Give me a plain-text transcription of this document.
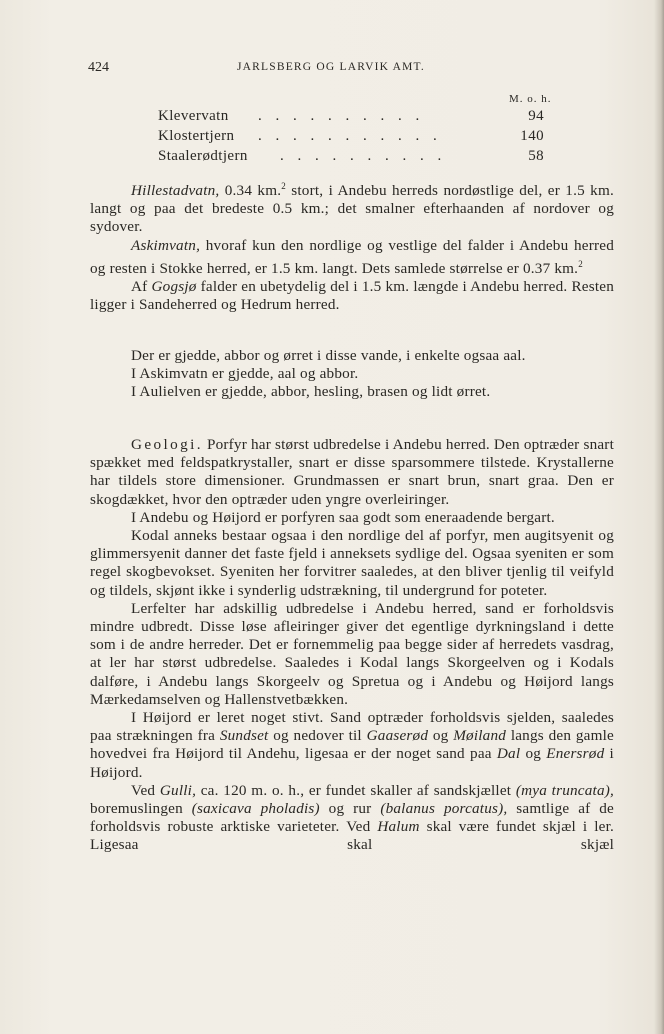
424	JARLSBERG OG LARVIK AMT.
M. o. h.
Klevervatn . . . . . . . . . .	94
Klostertjern . . . . . . . . . . .	140
Staalerødtjern . . . . . . . . . .	58

Hillestadvatn, 0.34 km.$^2$ stort, i Andebu herreds nordøstlige del, er 1.5 km. langt og paa det bredeste 0.5 km.; det smalner efterhaanden af nordover og sydover.

Askimvatn, hvoraf kun den nordlige og vestlige del falder i Andebu herred og resten i Stokke herred, er 1.5 km. langt. Dets samlede størrelse er 0.37 km.$^2$

Af Gogsjø falder en ubetydelig del i 1.5 km. længde i Andebu herred. Resten ligger i Sandeherred og Hedrum herred.

Der er gjedde, abbor og ørret i disse vande, i enkelte ogsaa aal.

I Askimvatn er gjedde, aal og abbor.

I Aulielven er gjedde, abbor, hesling, brasen og lidt ørret.

Geologi. Porfyr har størst udbredelse i Andebu herred. Den optræder snart spækket med feldspatkrystaller, snart er disse sparsommere tilstede. Krystallerne har tildels store dimensioner. Grundmassen er snart brun, snart graa. Den er skogdækket, hvor den optræder uden yngre overleiringer.

I Andebu og Høijord er porfyren saa godt som eneraadende bergart.

Kodal anneks bestaar ogsaa i den nordlige del af porfyr, men augitsyenit og glimmersyenit danner det faste fjeld i anneksets sydlige del. Ogsaa syeniten er som regel skogbevokset. Syeniten her forvitrer saaledes, at den bliver tjenlig til veifyld og tildels, skjønt ikke i synderlig udstrækning, til undergrund for poteter.

Lerfelter har adskillig udbredelse i Andebu herred, sand er forholdsvis mindre udbredt. Disse løse afleiringer giver det egentlige dyrkningsland i dette som i de andre herreder. Det er fornemmelig paa begge sider af herredets vasdrag, at ler har størst udbredelse. Saaledes i Kodal langs Skorgeelven og i Kodals dalføre, i Andebu langs Skorgeelv og Spretua og i Andebu og Høijord langs Mærkedamselven og Hallenstvetbækken.

I Høijord er leret noget stivt. Sand optræder forholdsvis sjelden, saaledes paa strækningen fra Sundset og nedover til Gaaserød og Møiland langs den gamle hovedvei fra Høijord til Andehu, ligesaa er der noget sand paa Dal og Enersrød i Høijord.

Ved Gulli, ca. 120 m. o. h., er fundet skaller af sandskjællet (mya truncata), boremuslingen (saxicava pholadis) og rur (balanus porcatus), samtlige af de forholdsvis robuste arktiske varieteter. Ved Halum skal være fundet skjæl i ler. Ligesaa skal skjæl
